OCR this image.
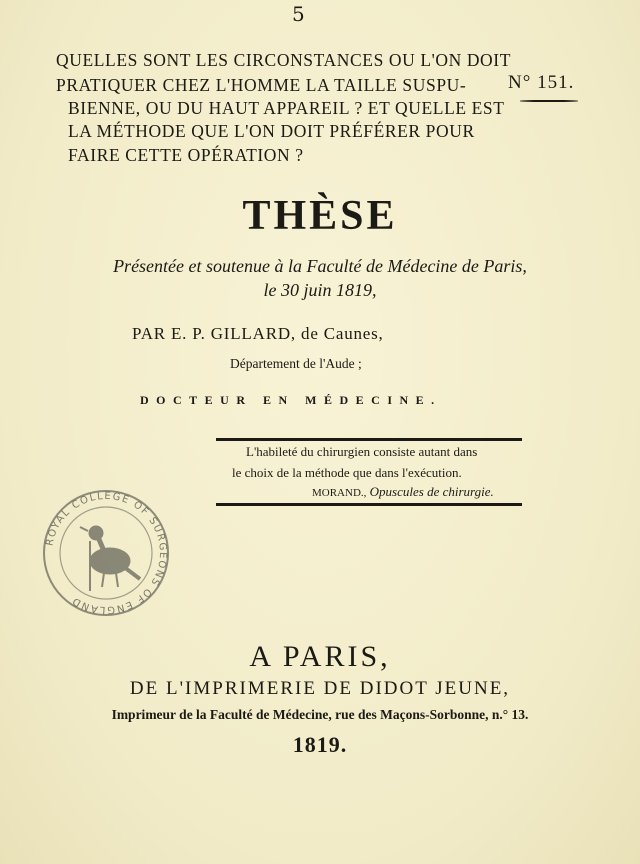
5
QUELLES SONT LES CIRCONSTANCES OU L'ON DOIT
PRATIQUER CHEZ L'HOMME LA TAILLE SUSPU-
BIENNE, OU DU HAUT APPAREIL ? ET QUELLE EST
LA MÉTHODE QUE L'ON DOIT PRÉFÉRER POUR
FAIRE CETTE OPÉRATION ?
N° 151.
THÈSE
Présentée et soutenue à la Faculté de Médecine de Paris,
le 30 juin 1819,
PAR E. P. GILLARD, de Caunes,
Département de l'Aude ;
DOCTEUR EN MÉDECINE.
L'habileté du chirurgien consiste autant dans
le choix de la méthode que dans l'exécution.
MORAND., Opuscules de chirurgie.
ROYAL COLLEGE OF SURGEONS OF ENGLAND
A PARIS,
DE L'IMPRIMERIE DE DIDOT JEUNE,
Imprimeur de la Faculté de Médecine, rue des Maçons-Sorbonne, n.° 13.
1819.
